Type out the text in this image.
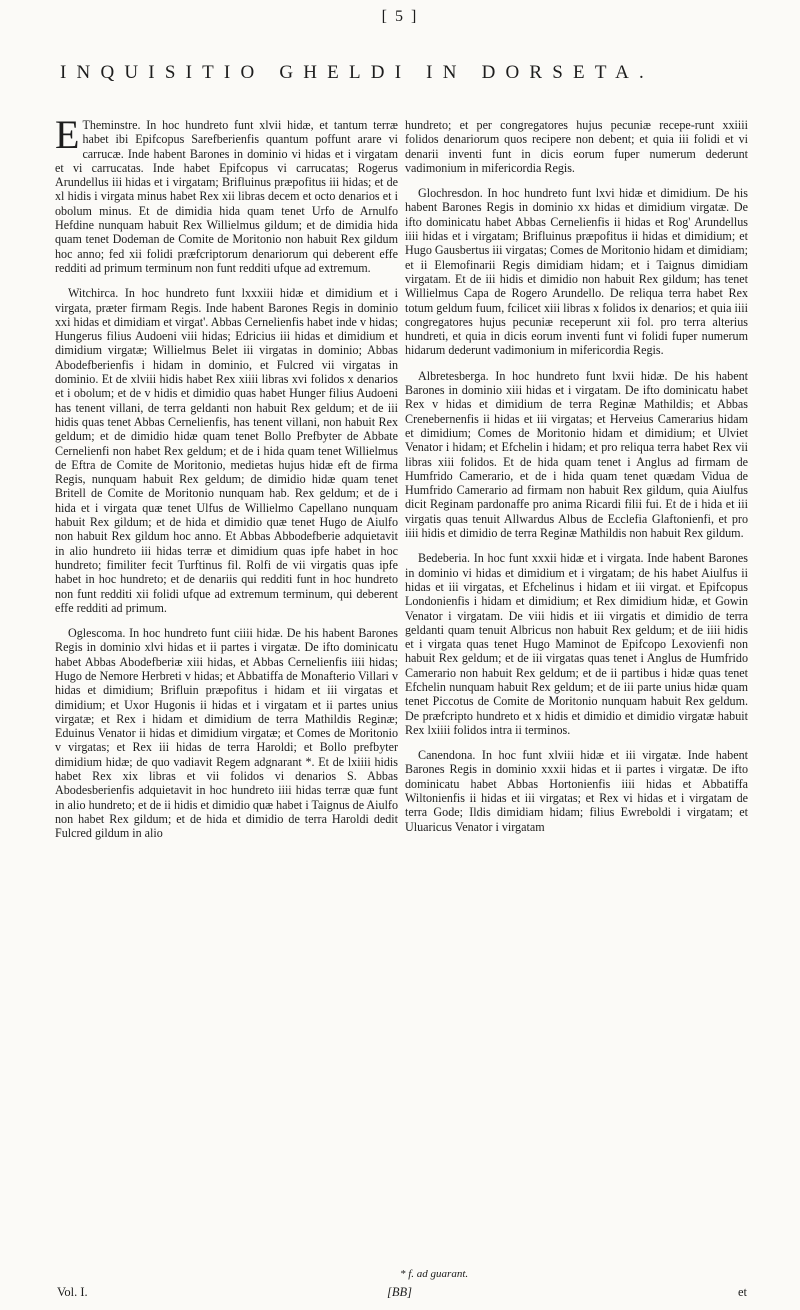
[ 5 ]
INQUISITIO GHELDI IN DORSETA.

E Theminstre. In hoc hundreto funt xlvii hidæ, et tantum terræ habet ibi Epifcopus Sarefberienfis quantum poffunt arare vi carrucæ. Inde habent Barones in dominio vi hidas et i virgatam et vi carrucatas. Inde habet Epifcopus vi carrucatas; Rogerus Arundellus iii hidas et i virgatam; Brifluinus præpofitus iii hidas; et de xl hidis i virgata minus habet Rex xii libras decem et octo denarios et i obolum minus. Et de dimidia hida quam tenet Urfo de Arnulfo Hefdine nunquam habuit Rex Willielmus gildum; et de dimidia hida quam tenet Dodeman de Comite de Moritonio non habuit Rex gildum hoc anno; fed xii folidi præfcriptorum denariorum qui deberent effe redditi ad primum terminum non funt redditi ufque ad extremum.

Witchirca. In hoc hundreto funt lxxxiii hidæ et dimidium et i virgata, præter firmam Regis. Inde habent Barones Regis in dominio xxi hidas et dimidiam et virgat'. Abbas Cernelienfis habet inde v hidas; Hungerus filius Audoeni viii hidas; Edricius iii hidas et dimidium et dimidium virgatæ; Willielmus Belet iii virgatas in dominio; Abbas Abodefberienfis i hidam in dominio, et Fulcred vii virgatas in dominio. Et de xlviii hidis habet Rex xiiii libras xvi folidos x denarios et i obolum; et de v hidis et dimidio quas habet Hunger filius Audoeni has tenent villani, de terra geldanti non habuit Rex geldum; et de iii hidis quas tenet Abbas Cernelienfis, has tenent villani, non habuit Rex geldum; et de dimidio hidæ quam tenet Bollo Prefbyter de Abbate Cernelienfi non habet Rex geldum; et de i hida quam tenet Willielmus de Eftra de Comite de Moritonio, medietas hujus hidæ eft de firma Regis, nunquam habuit Rex geldum; de dimidio hidæ quam tenet Britell de Comite de Moritonio nunquam hab. Rex geldum; et de i hida et i virgata quæ tenet Ulfus de Willielmo Capellano nunquam habuit Rex gildum; et de hida et dimidio quæ tenet Hugo de Aiulfo non habuit Rex gildum hoc anno. Et Abbas Abbodefberie adquietavit in alio hundreto iii hidas terræ et dimidium quas ipfe habet in hoc hundreto; fimiliter fecit Turftinus fil. Rolfi de vii virgatis quas ipfe habet in hoc hundreto; et de denariis qui redditi funt in hoc hundreto non funt redditi xii folidi ufque ad extremum terminum, qui deberent effe redditi ad primum.

Oglescoma. In hoc hundreto funt ciiii hidæ. De his habent Barones Regis in dominio xlvi hidas et ii partes i virgatæ. De ifto dominicatu habet Abbas Abodefberiæ xiii hidas, et Abbas Cernelienfis iiii hidas; Hugo de Nemore Herbreti v hidas; et Abbatiffa de Monafterio Villari v hidas et dimidium; Brifluin præpofitus i hidam et iii virgatas et dimidium; et Uxor Hugonis ii hidas et i virgatam et ii partes unius virgatæ; et Rex i hidam et dimidium de terra Mathildis Reginæ; Eduinus Venator ii hidas et dimidium virgatæ; et Comes de Moritonio v virgatas; et Rex iii hidas de terra Haroldi; et Bollo prefbyter dimidium hidæ; de quo vadiavit Regem adgnarant *. Et de lxiiii hidis habet Rex xix libras et vii folidos vi denarios S. Abbas Abodesberienfis adquietavit in hoc hundreto iiii hidas terræ quæ funt in alio hundreto; et de ii hidis et dimidio quæ habet i Taignus de Aiulfo non habet Rex gildum; et de hida et dimidio de terra Haroldi dedit Fulcred gildum in alio

hundreto; et per congregatores hujus pecuniæ recepe-runt xxiiii folidos denariorum quos recipere non debent; et quia iii folidi et vi denarii inventi funt in dicis eorum fuper numerum dederunt vadimonium in mifericordia Regis.

Glochresdon. In hoc hundreto funt lxvi hidæ et dimidium. De his habent Barones Regis in dominio xx hidas et dimidium virgatæ. De ifto dominicatu habet Abbas Cernelienfis ii hidas et Rog' Arundellus iiii hidas et i virgatam; Brifluinus præpofitus ii hidas et dimidium; et Hugo Gausbertus iii virgatas; Comes de Moritonio hidam et dimidiam; et ii Elemofinarii Regis dimidiam hidam; et i Taignus dimidiam virgatam. Et de iii hidis et dimidio non habuit Rex gildum; has tenet Willielmus Capa de Rogero Arundello. De reliqua terra habet Rex totum geldum fuum, fcilicet xiii libras x folidos ix denarios; et quia iiii congregatores hujus pecuniæ receperunt xii fol. pro terra alterius hundreti, et quia in dicis eorum inventi funt vi folidi fuper numerum hidarum dederunt vadimonium in mifericordia Regis.

Albretesberga. In hoc hundreto funt lxvii hidæ. De his habent Barones in dominio xiii hidas et i virgatam. De ifto dominicatu habet Rex v hidas et dimidium de terra Reginæ Mathildis; et Abbas Crenebernenfis ii hidas et iii virgatas; et Herveius Camerarius hidam et dimidium; Comes de Moritonio hidam et dimidium; et Ulviet Venator i hidam; et Efchelin i hidam; et pro reliqua terra habet Rex vii libras xiii folidos. Et de hida quam tenet i Anglus ad firmam de Humfrido Camerario, et de i hida quam tenet quædam Vidua de Humfrido Camerario ad firmam non habuit Rex gildum, quia Aiulfus dicit Reginam pardonaffe pro anima Ricardi filii fui. Et de i hida et iii virgatis quas tenuit Allwardus Albus de Ecclefia Glaftonienfi, et pro iiii hidis et dimidio de terra Reginæ Mathildis non habuit Rex gildum.

Bedeberia. In hoc funt xxxii hidæ et i virgata. Inde habent Barones in dominio vi hidas et dimidium et i virgatam; de his habet Aiulfus ii hidas et iii virgatas, et Efchelinus i hidam et iii virgat. et Epifcopus Londonienfis i hidam et dimidium; et Rex dimidium hidæ, et Gowin Venator i virgatam. De viii hidis et iii virgatis et dimidio de terra geldanti quam tenuit Albricus non habuit Rex geldum; et de iiii hidis et i virgata quas tenet Hugo Maminot de Epifcopo Lexovienfi non habuit Rex geldum; et de iii virgatas quas tenet i Anglus de Humfrido Camerario non habuit Rex geldum; et de ii partibus i hidæ quas tenet Efchelin nunquam habuit Rex geldum; et de iii parte unius hidæ quam tenet Piccotus de Comite de Moritonio nunquam habuit Rex geldum. De præfcripto hundreto et x hidis et dimidio et dimidio virgatæ habuit Rex lxiiii folidos intra ii terminos.

Canendona. In hoc funt xlviii hidæ et iii virgatæ. Inde habent Barones Regis in dominio xxxii hidas et ii partes i virgatæ. De ifto dominicatu habet Abbas Hortonienfis iiii hidas et Abbatiffa Wiltonienfis ii hidas et iii virgatas; et Rex vi hidas et i virgatam de terra Gode; Ildis dimidiam hidam; filius Ewreboldi i virgatam; et Uluaricus Venator i virgatam

* f. ad guarant.
Vol. I.	[BB]	et
